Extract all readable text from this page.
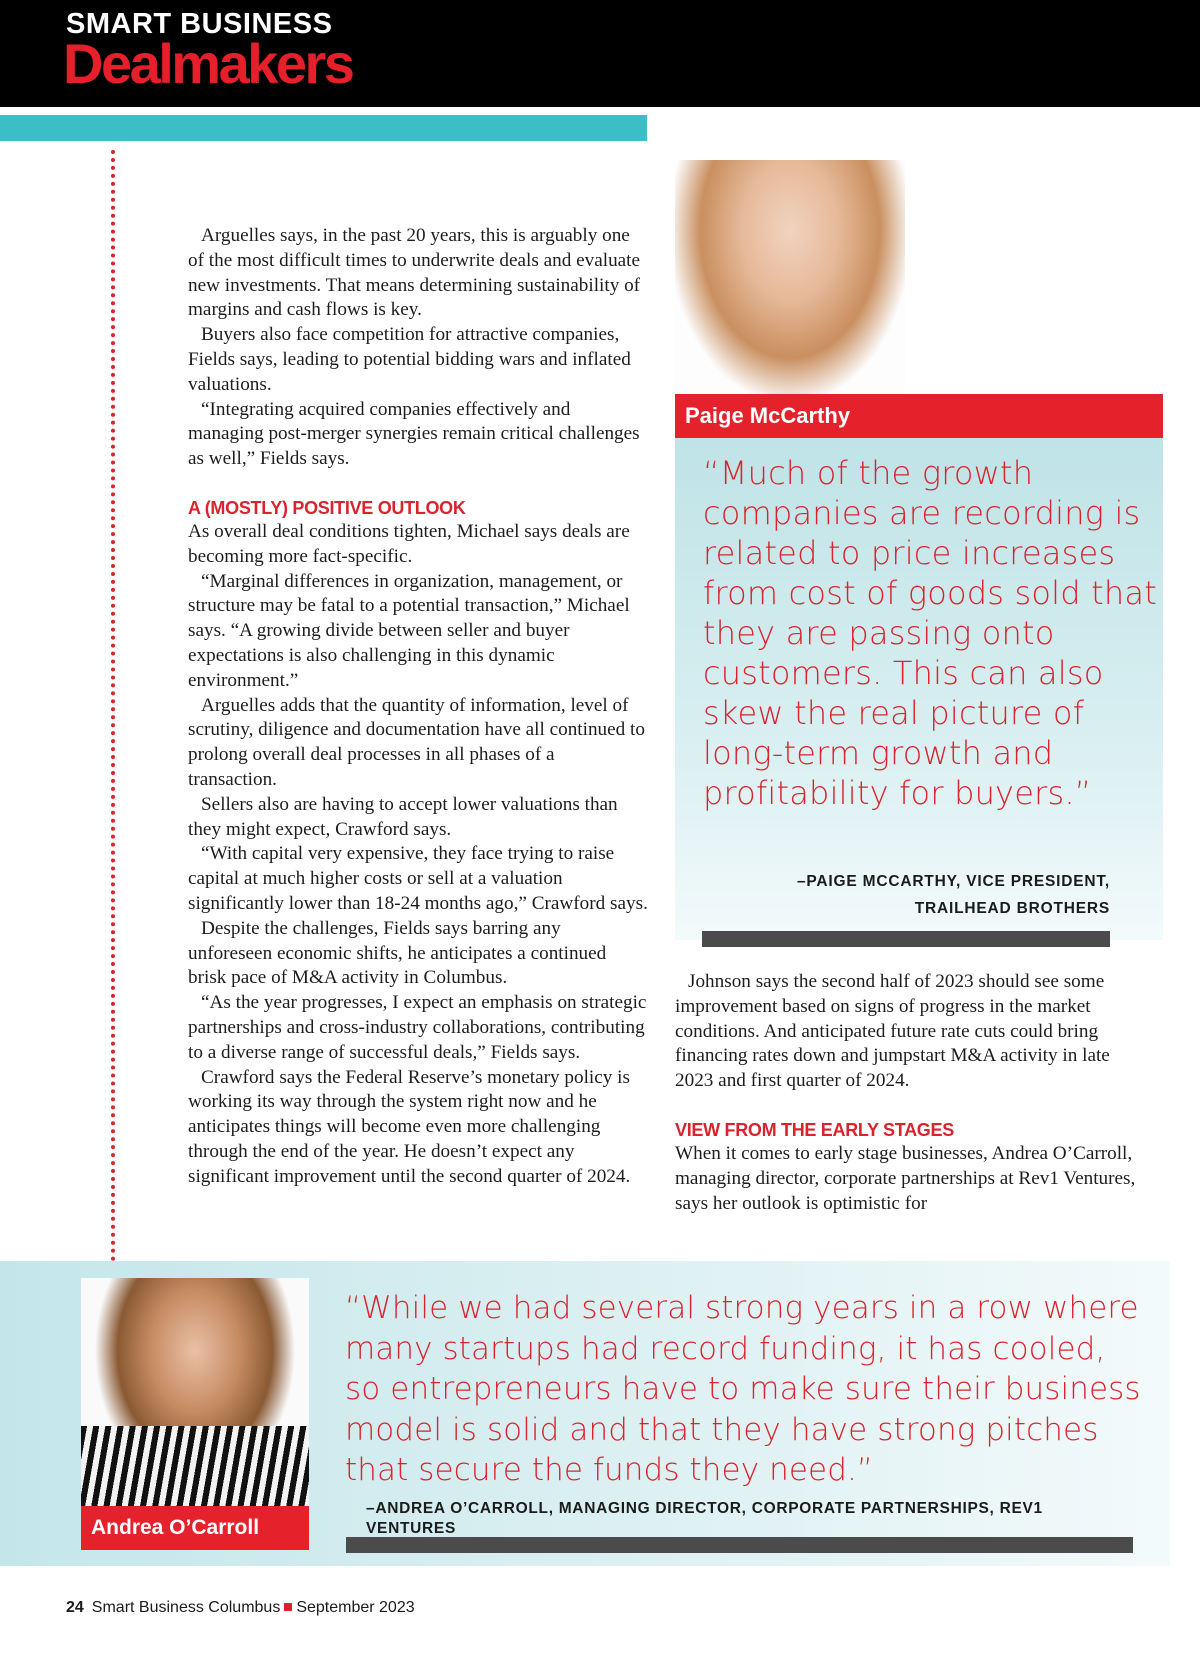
SMART BUSINESS
Dealmakers

Arguelles says, in the past 20 years, this is arguably one of the most difficult times to underwrite deals and evaluate new investments. That means determining sustainability of margins and cash flows is key.

Buyers also face competition for attractive companies, Fields says, leading to potential bidding wars and inflated valuations.

“Integrating acquired companies effectively and managing post-merger synergies remain critical challenges as well,” Fields says.

A (MOSTLY) POSITIVE OUTLOOK

As overall deal conditions tighten, Michael says deals are becoming more fact-specific.

“Marginal differences in organization, management, or structure may be fatal to a potential transaction,” Michael says. “A growing divide between seller and buyer expectations is also challenging in this dynamic environment.”

Arguelles adds that the quantity of information, level of scrutiny, diligence and documentation have all continued to prolong overall deal processes in all phases of a transaction.

Sellers also are having to accept lower valuations than they might expect, Crawford says.

“With capital very expensive, they face trying to raise capital at much higher costs or sell at a valuation significantly lower than 18-24 months ago,” Crawford says.

Despite the challenges, Fields says barring any unforeseen economic shifts, he anticipates a continued brisk pace of M&A activity in Columbus.

“As the year progresses, I expect an emphasis on strategic partnerships and cross-industry collaborations, contributing to a diverse range of successful deals,” Fields says.

Crawford says the Federal Reserve’s monetary policy is working its way through the system right now and he anticipates things will become even more challenging through the end of the year. He doesn’t expect any significant improvement until the second quarter of 2024.

Paige McCarthy
“Much of the growth companies are recording is related to price increases from cost of goods sold that they are passing onto customers. This can also skew the real picture of long-term growth and profitability for buyers.”
–PAIGE MCCARTHY, VICE PRESIDENT,
TRAILHEAD BROTHERS

Johnson says the second half of 2023 should see some improvement based on signs of progress in the market conditions. And anticipated future rate cuts could bring financing rates down and jumpstart M&A activity in late 2023 and first quarter of 2024.

VIEW FROM THE EARLY STAGES

When it comes to early stage businesses, Andrea O’Carroll, managing director, corporate partnerships at Rev1 Ventures, says her outlook is optimistic for

Andrea O’Carroll
“While we had several strong years in a row where many startups had record funding, it has cooled, so entrepreneurs have to make sure their business model is solid and that they have strong pitches that secure the funds they need.”
–ANDREA O’CARROLL, MANAGING DIRECTOR, CORPORATE PARTNERSHIPS, REV1 VENTURES
24 Smart Business Columbus September 2023
